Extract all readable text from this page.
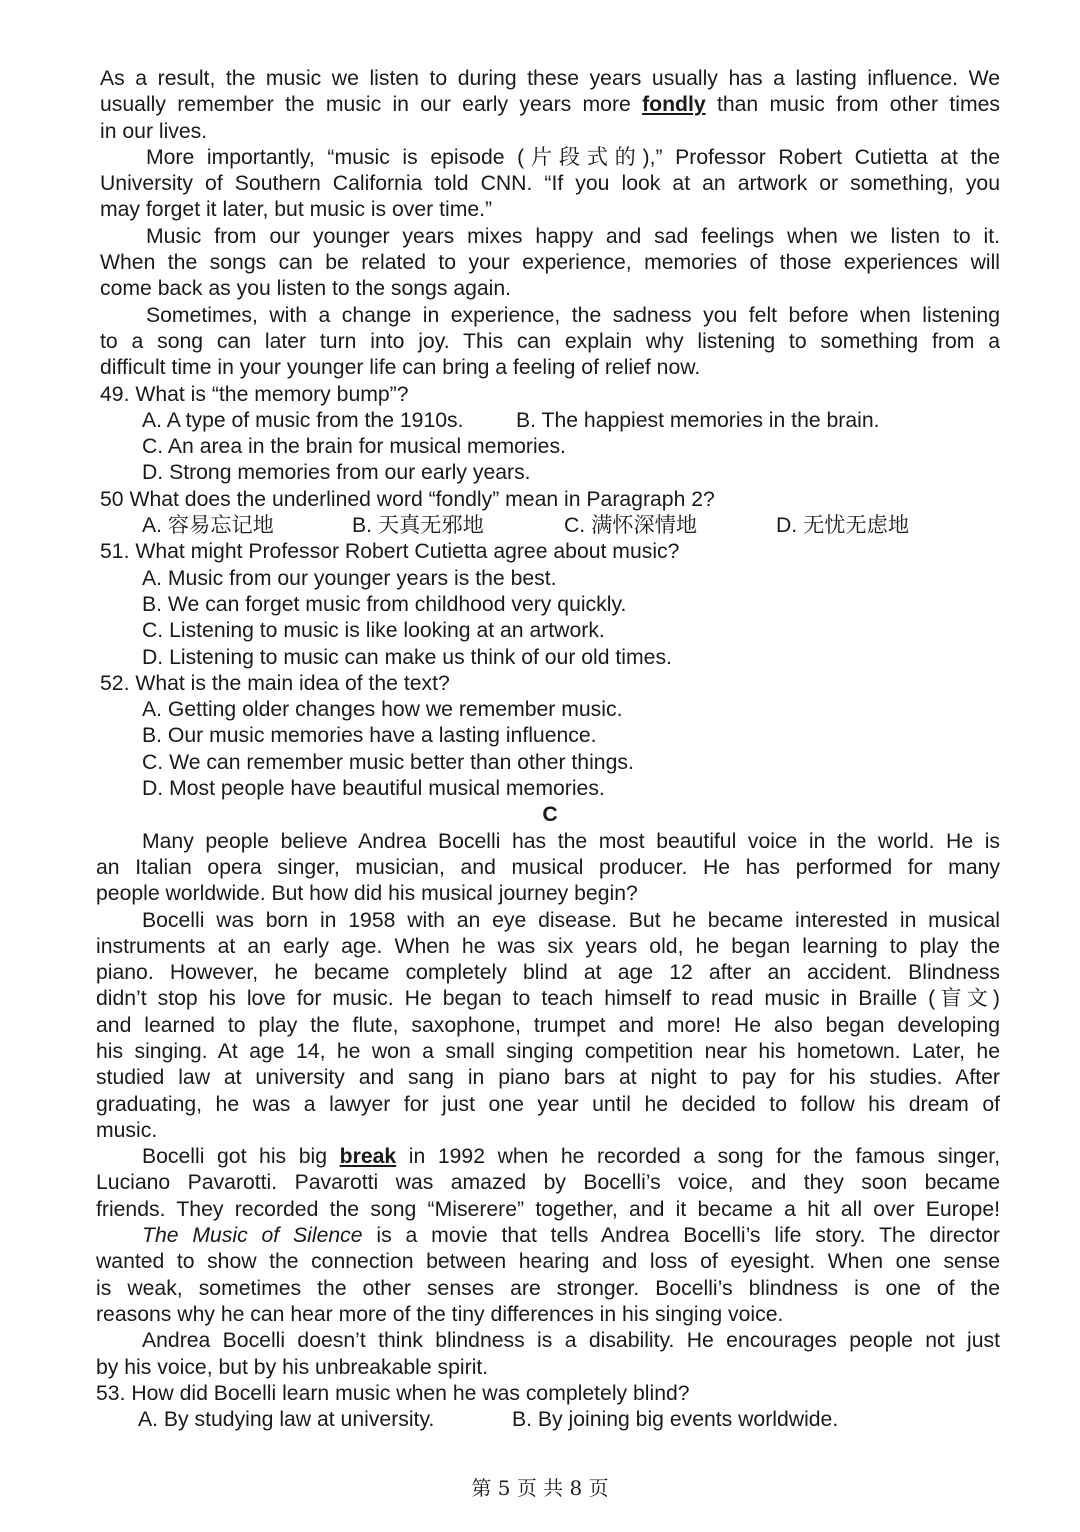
As a result, the music we listen to during these years usually has a lasting influence. We
usually remember the music in our early years more fondly than music from other times
in our lives.
More importantly, “music is episode (片段式的),” Professor Robert Cutietta at the
University of Southern California told CNN. “If you look at an artwork or something, you
may forget it later, but music is over time.”
Music from our younger years mixes happy and sad feelings when we listen to it.
When the songs can be related to your experience, memories of those experiences will
come back as you listen to the songs again.
Sometimes, with a change in experience, the sadness you felt before when listening
to a song can later turn into joy. This can explain why listening to something from a
difficult time in your younger life can bring a feeling of relief now.
49. What is “the memory bump”?
A. A type of music from the 1910s.	B. The happiest memories in the brain.
C. An area in the brain for musical memories.
D. Strong memories from our early years.
50 What does the underlined word “fondly” mean in Paragraph 2?
A. 容易忘记地	B. 天真无邪地	C. 满怀深情地	D. 无忧无虑地
51. What might Professor Robert Cutietta agree about music?
A. Music from our younger years is the best.
B. We can forget music from childhood very quickly.
C. Listening to music is like looking at an artwork.
D. Listening to music can make us think of our old times.
52. What is the main idea of the text?
A. Getting older changes how we remember music.
B. Our music memories have a lasting influence.
C. We can remember music better than other things.
D. Most people have beautiful musical memories.
C
Many people believe Andrea Bocelli has the most beautiful voice in the world. He is
an Italian opera singer, musician, and musical producer. He has performed for many
people worldwide. But how did his musical journey begin?
Bocelli was born in 1958 with an eye disease. But he became interested in musical
instruments at an early age. When he was six years old, he began learning to play the
piano. However, he became completely blind at age 12 after an accident. Blindness
didn’t stop his love for music. He began to teach himself to read music in Braille (盲文)
and learned to play the flute, saxophone, trumpet and more! He also began developing
his singing. At age 14, he won a small singing competition near his hometown. Later, he
studied law at university and sang in piano bars at night to pay for his studies. After
graduating, he was a lawyer for just one year until he decided to follow his dream of
music.
Bocelli got his big break in 1992 when he recorded a song for the famous singer,
Luciano Pavarotti. Pavarotti was amazed by Bocelli’s voice, and they soon became
friends. They recorded the song “Miserere” together, and it became a hit all over Europe!
The Music of Silence is a movie that tells Andrea Bocelli’s life story. The director
wanted to show the connection between hearing and loss of eyesight. When one sense
is weak, sometimes the other senses are stronger. Bocelli’s blindness is one of the
reasons why he can hear more of the tiny differences in his singing voice.
Andrea Bocelli doesn’t think blindness is a disability. He encourages people not just
by his voice, but by his unbreakable spirit.
53. How did Bocelli learn music when he was completely blind?
A. By studying law at university.	B. By joining big events worldwide.
第 5 页 共 8 页
